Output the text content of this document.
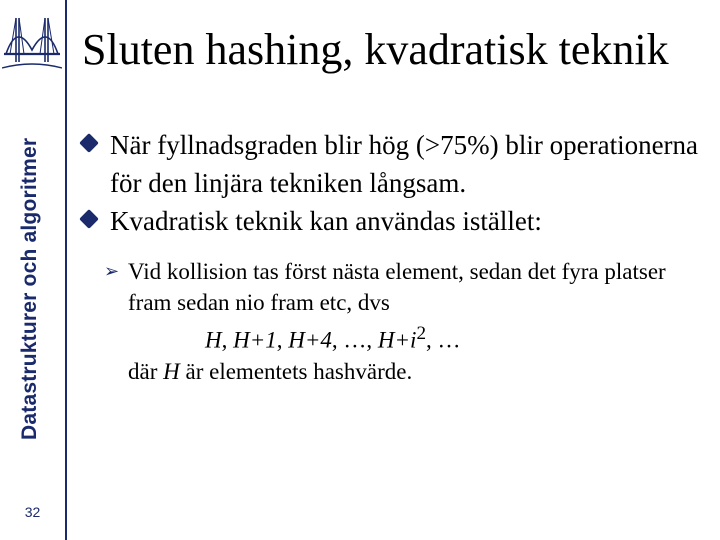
Datastrukturer och algoritmer
32
Sluten hashing, kvadratisk teknik
När fyllnadsgraden blir hög (>75%) blir operationerna för den linjära tekniken långsam.
Kvadratisk teknik kan användas istället:
➢ Vid kollision tas först nästa element, sedan det fyra platser fram sedan nio fram etc, dvs
H, H+1, H+4, …, $H+i^2$, …
där H är elementets hashvärde.
